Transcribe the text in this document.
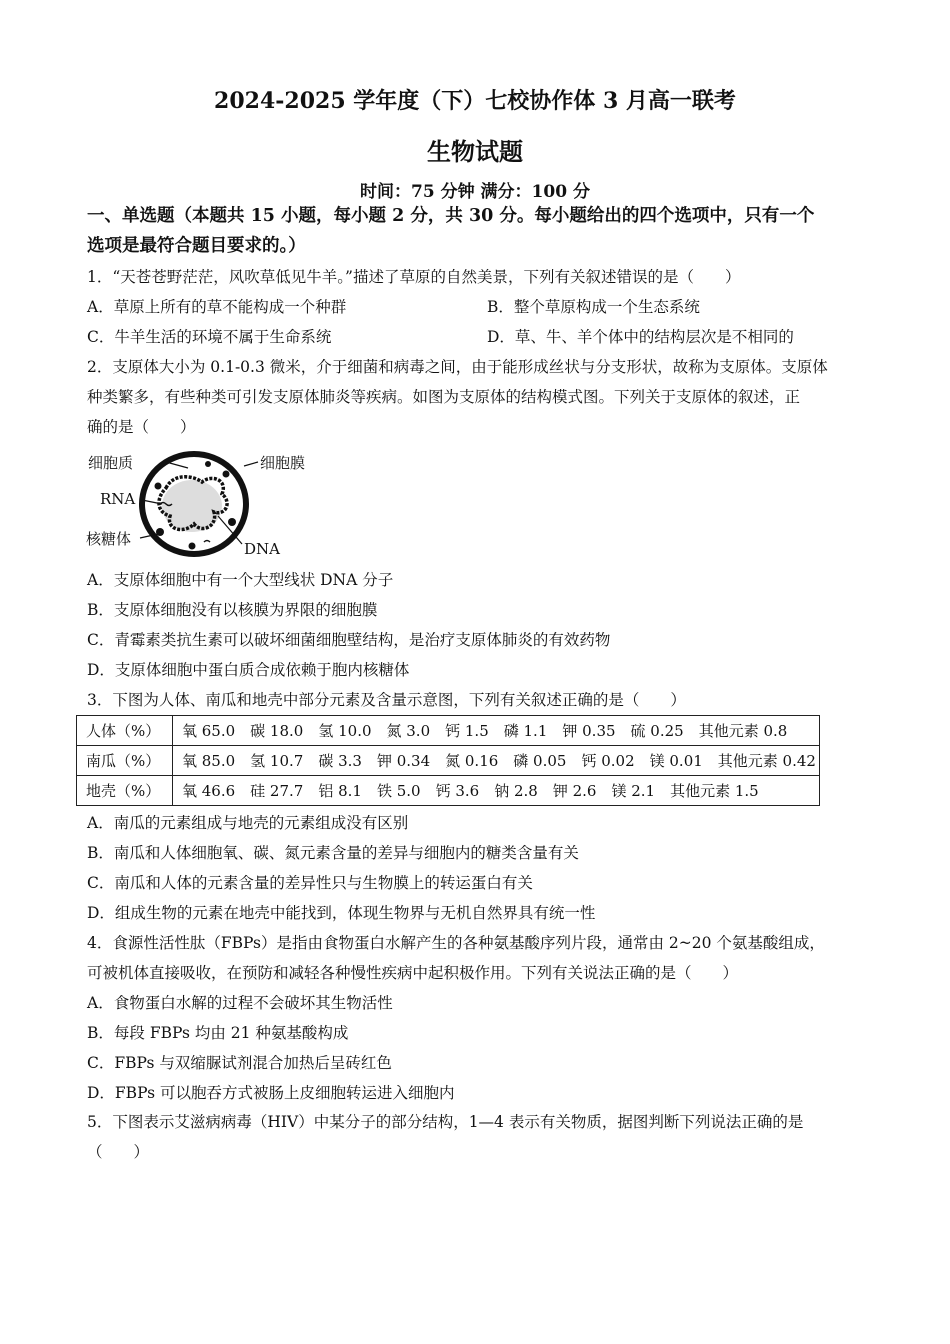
2024-2025 学年度（下）七校协作体 3 月高一联考
生物试题
时间：75 分钟 满分：100 分
一、单选题（本题共 15 小题，每小题 2 分，共 30 分。每小题给出的四个选项中，只有一个
选项是最符合题目要求的。）
1．“天苍苍野茫茫，风吹草低见牛羊。”描述了草原的自然美景，下列有关叙述错误的是（　　）
A．草原上所有的草不能构成一个种群	B．整个草原构成一个生态系统
C．牛羊生活的环境不属于生命系统	D．草、牛、羊个体中的结构层次是不相同的
2．支原体大小为 0.1-0.3 微米，介于细菌和病毒之间，由于能形成丝状与分支形状，故称为支原体。支原体
种类繁多，有些种类可引发支原体肺炎等疾病。如图为支原体的结构模式图。下列关于支原体的叙述，正
确的是（　　）
细胞质	细胞膜
RNA
核糖体
DNA
A．支原体细胞中有一个大型线状 DNA 分子
B．支原体细胞没有以核膜为界限的细胞膜
C．青霉素类抗生素可以破坏细菌细胞壁结构，是治疗支原体肺炎的有效药物
D．支原体细胞中蛋白质合成依赖于胞内核糖体
3．下图为人体、南瓜和地壳中部分元素及含量示意图，下列有关叙述正确的是（　　）
人体（%）	氧 65.0　碳 18.0　氢 10.0　氮 3.0　钙 1.5　磷 1.1　钾 0.35　硫 0.25　其他元素 0.8
南瓜（%）	氧 85.0　氢 10.7　碳 3.3　钾 0.34　氮 0.16　磷 0.05　钙 0.02　镁 0.01　其他元素 0.42
地壳（%）	氧 46.6　硅 27.7　铝 8.1　铁 5.0　钙 3.6　钠 2.8　钾 2.6　镁 2.1　其他元素 1.5
A．南瓜的元素组成与地壳的元素组成没有区别
B．南瓜和人体细胞氧、碳、氮元素含量的差异与细胞内的糖类含量有关
C．南瓜和人体的元素含量的差异性只与生物膜上的转运蛋白有关
D．组成生物的元素在地壳中能找到，体现生物界与无机自然界具有统一性
4．食源性活性肽（FBPs）是指由食物蛋白水解产生的各种氨基酸序列片段，通常由 2~20 个氨基酸组成，
可被机体直接吸收，在预防和减轻各种慢性疾病中起积极作用。下列有关说法正确的是（　　）
A．食物蛋白水解的过程不会破坏其生物活性
B．每段 FBPs 均由 21 种氨基酸构成
C．FBPs 与双缩脲试剂混合加热后呈砖红色
D．FBPs 可以胞吞方式被肠上皮细胞转运进入细胞内
5．下图表示艾滋病病毒（HIV）中某分子的部分结构，1—4 表示有关物质，据图判断下列说法正确的是
（　　）
